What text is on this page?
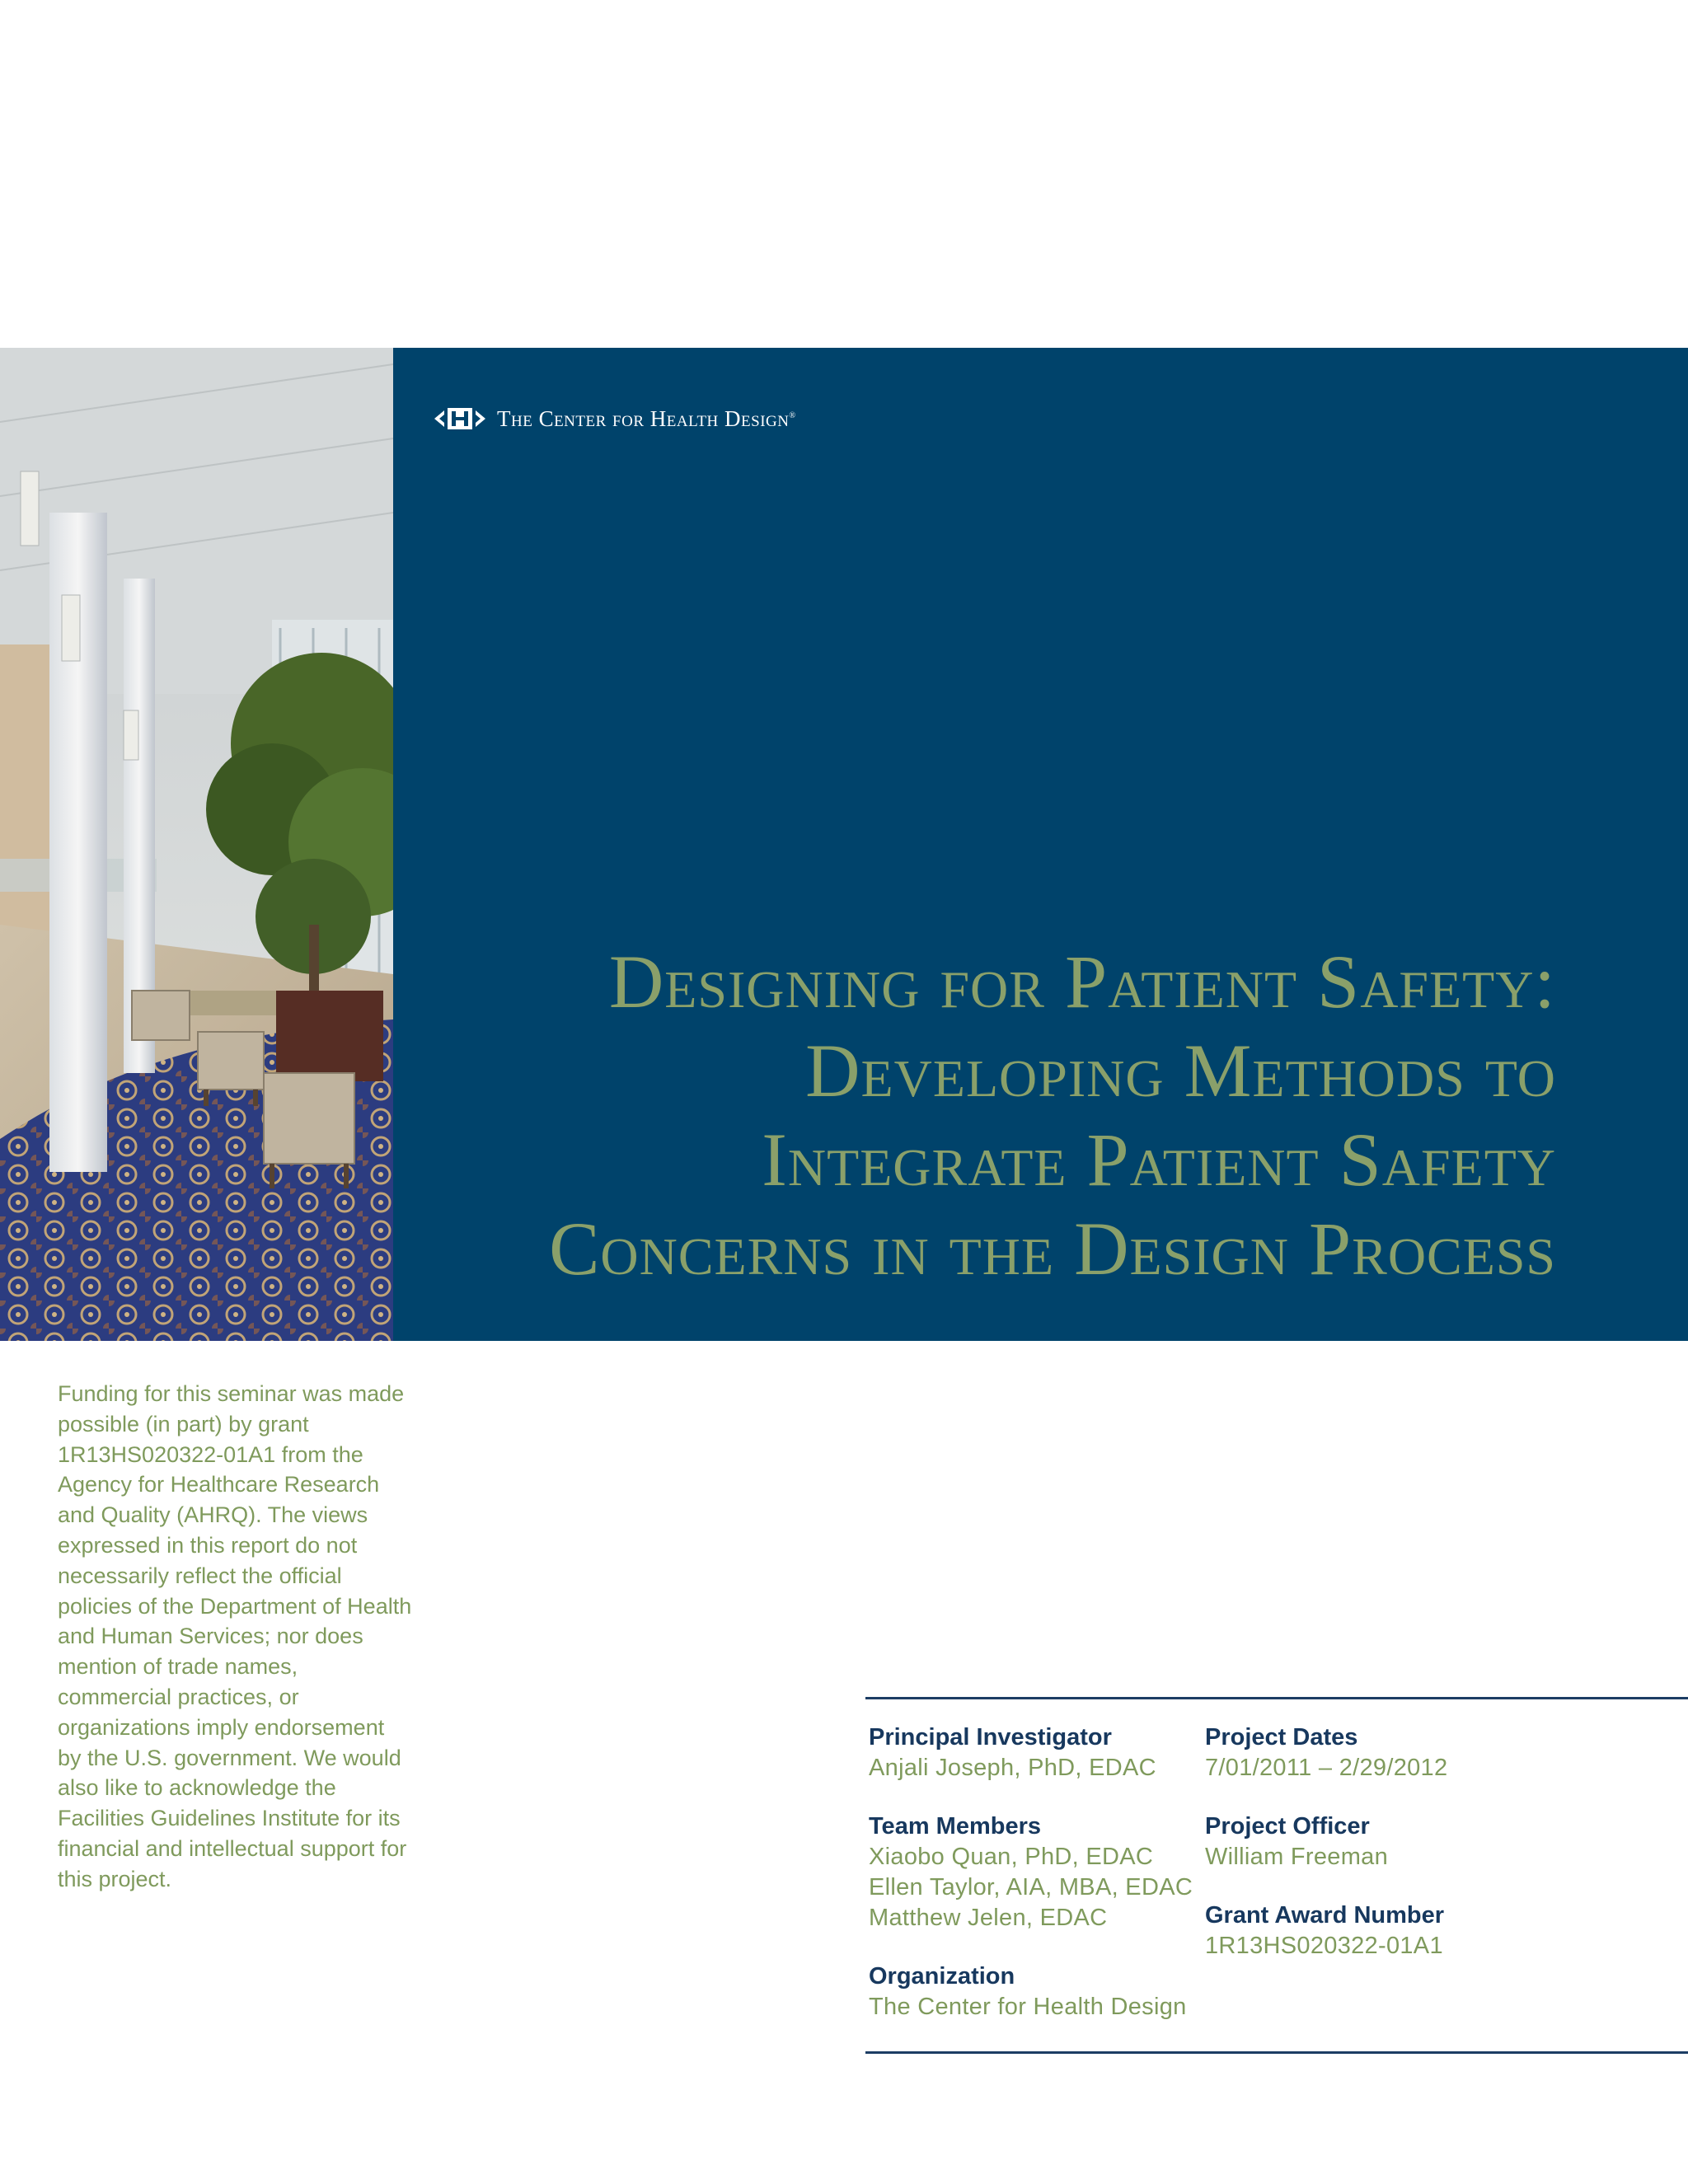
The Center for Health Design®
Designing for Patient Safety:
Developing Methods to
Integrate Patient Safety
Concerns in the Design Process

Funding for this seminar was made possible (in part) by grant 1R13HS020322-01A1 from the Agency for Healthcare Research and Quality (AHRQ). The views expressed in this report do not necessarily reflect the official policies of the Department of Health and Human Services; nor does mention of trade names, commercial practices, or organizations imply endorsement by the U.S. government. We would also like to acknowledge the Facilities Guidelines Institute for its financial and intellectual support for this project.

Principal Investigator
Anjali Joseph, PhD, EDAC
Team Members
Xiaobo Quan, PhD, EDAC
Ellen Taylor, AIA, MBA, EDAC
Matthew Jelen, EDAC
Organization
The Center for Health Design
Project Dates
7/01/2011 – 2/29/2012
Project Officer
William Freeman
Grant Award Number
1R13HS020322-01A1
